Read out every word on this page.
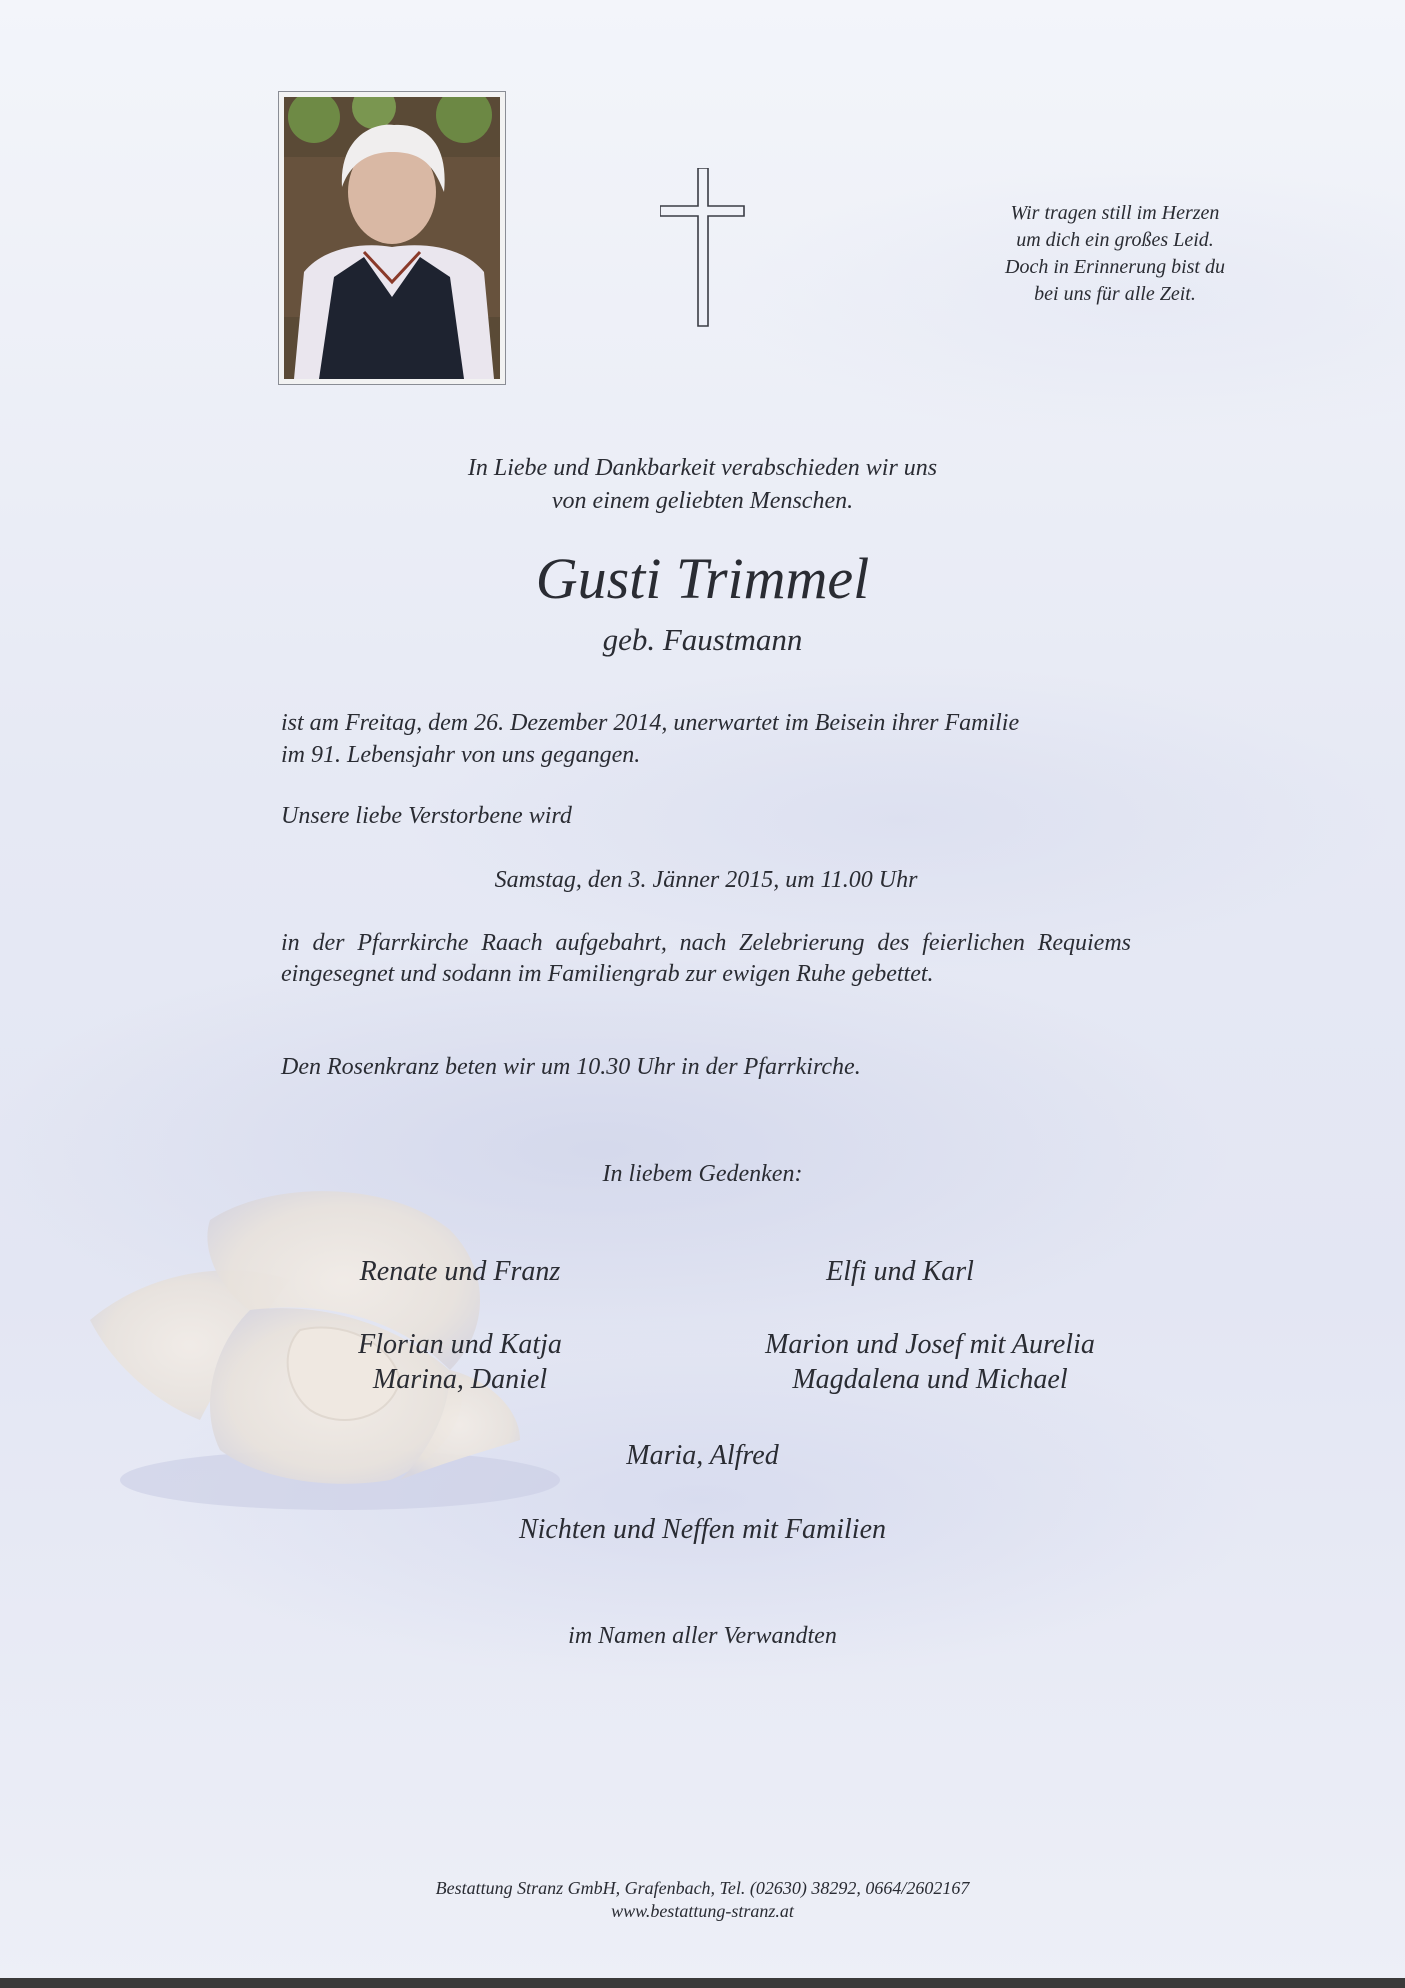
Wir tragen still im Herzen
um dich ein großes Leid.
Doch in Erinnerung bist du
bei uns für alle Zeit.
In Liebe und Dankbarkeit verabschieden wir uns
von einem geliebten Menschen.
Gusti Trimmel
geb. Faustmann
ist am Freitag, dem 26. Dezember 2014, unerwartet im Beisein ihrer Familie
im 91. Lebensjahr von uns gegangen.
Unsere liebe Verstorbene wird
Samstag, den 3. Jänner 2015, um 11.00 Uhr
in der Pfarrkirche Raach aufgebahrt, nach Zelebrierung des feierlichen Requiems eingesegnet und sodann im Familiengrab zur ewigen Ruhe gebettet.
Den Rosenkranz beten wir um 10.30 Uhr in der Pfarrkirche.
In liebem Gedenken:
Renate und Franz	Elfi und Karl
Florian und Katja
Marina, Daniel
Marion und Josef mit Aurelia
Magdalena und Michael
Maria, Alfred
Nichten und Neffen mit Familien
im Namen aller Verwandten
Bestattung Stranz GmbH, Grafenbach, Tel. (02630) 38292, 0664/2602167
www.bestattung-stranz.at
